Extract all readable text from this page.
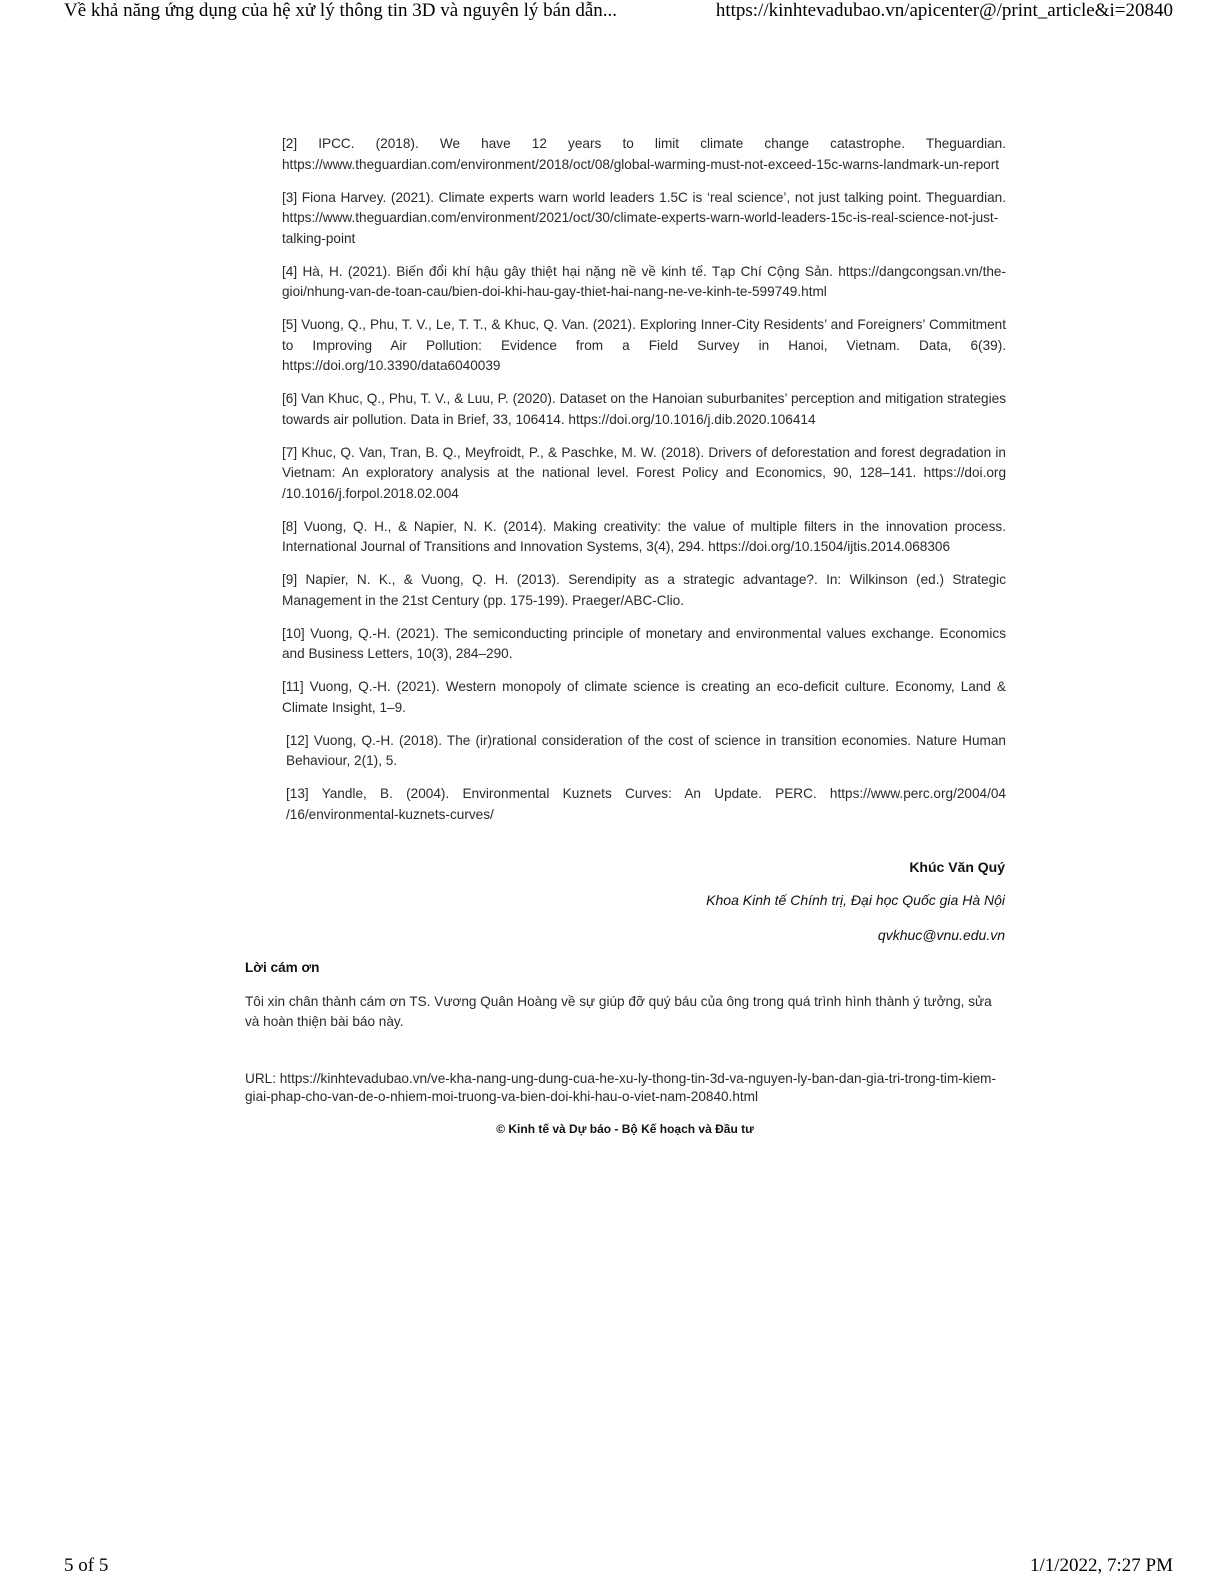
Về khả năng ứng dụng của hệ xử lý thông tin 3D và nguyên lý bán dẫn...	https://kinhtevadubao.vn/apicenter@/print_article&i=20840

[2] IPCC. (2018). We have 12 years to limit climate change catastrophe. Theguardian. https://www.theguardian.com/environment/2018/oct/08/global-warming-must-not-exceed-15c-warns-landmark-un-report

[3] Fiona Harvey. (2021). Climate experts warn world leaders 1.5C is ‘real science’, not just talking point. Theguardian. https://www.theguardian.com/environment/2021/oct/30/climate-experts-warn-world-leaders-15c-is-real-science-not-just-talking-point

[4] Hà, H. (2021). Biến đổi khí hậu gây thiệt hại nặng nề về kinh tế. Tạp Chí Cộng Sản. https://dangcongsan.vn/the-gioi/nhung-van-de-toan-cau/bien-doi-khi-hau-gay-thiet-hai-nang-ne-ve-kinh-te-599749.html

[5] Vuong, Q., Phu, T. V., Le, T. T., & Khuc, Q. Van. (2021). Exploring Inner-City Residents’ and Foreigners’ Commitment to Improving Air Pollution: Evidence from a Field Survey in Hanoi, Vietnam. Data, 6(39). https://doi.org/10.3390/data6040039

[6] Van Khuc, Q., Phu, T. V., & Luu, P. (2020). Dataset on the Hanoian suburbanites’ perception and mitigation strategies towards air pollution. Data in Brief, 33, 106414. https://doi.org/10.1016/j.dib.2020.106414

[7] Khuc, Q. Van, Tran, B. Q., Meyfroidt, P., & Paschke, M. W. (2018). Drivers of deforestation and forest degradation in Vietnam: An exploratory analysis at the national level. Forest Policy and Economics, 90, 128–141. https://doi.org /10.1016/j.forpol.2018.02.004

[8] Vuong, Q. H., & Napier, N. K. (2014). Making creativity: the value of multiple filters in the innovation process. International Journal of Transitions and Innovation Systems, 3(4), 294. https://doi.org/10.1504/ijtis.2014.068306

[9] Napier, N. K., & Vuong, Q. H. (2013). Serendipity as a strategic advantage?. In: Wilkinson (ed.) Strategic Management in the 21st Century (pp. 175-199). Praeger/ABC-Clio.

[10] Vuong, Q.-H. (2021). The semiconducting principle of monetary and environmental values exchange. Economics and Business Letters, 10(3), 284–290.

[11] Vuong, Q.-H. (2021). Western monopoly of climate science is creating an eco-deficit culture. Economy, Land & Climate Insight, 1–9.

[12] Vuong, Q.-H. (2018). The (ir)rational consideration of the cost of science in transition economies. Nature Human Behaviour, 2(1), 5.

[13] Yandle, B. (2004). Environmental Kuznets Curves: An Update. PERC. https://www.perc.org/2004/04 /16/environmental-kuznets-curves/

Khúc Văn Quý
Khoa Kinh tế Chính trị, Đại học Quốc gia Hà Nội
qvkhuc@vnu.edu.vn
Lời cám ơn
Tôi xin chân thành cám ơn TS. Vương Quân Hoàng về sự giúp đỡ quý báu của ông trong quá trình hình thành ý tưởng, sửa và hoàn thiện bài báo này.
URL: https://kinhtevadubao.vn/ve-kha-nang-ung-dung-cua-he-xu-ly-thong-tin-3d-va-nguyen-ly-ban-dan-gia-tri-trong-tim-kiem-giai-phap-cho-van-de-o-nhiem-moi-truong-va-bien-doi-khi-hau-o-viet-nam-20840.html
© Kinh tế và Dự báo - Bộ Kế hoạch và Đầu tư
5 of 5	1/1/2022, 7:27 PM
